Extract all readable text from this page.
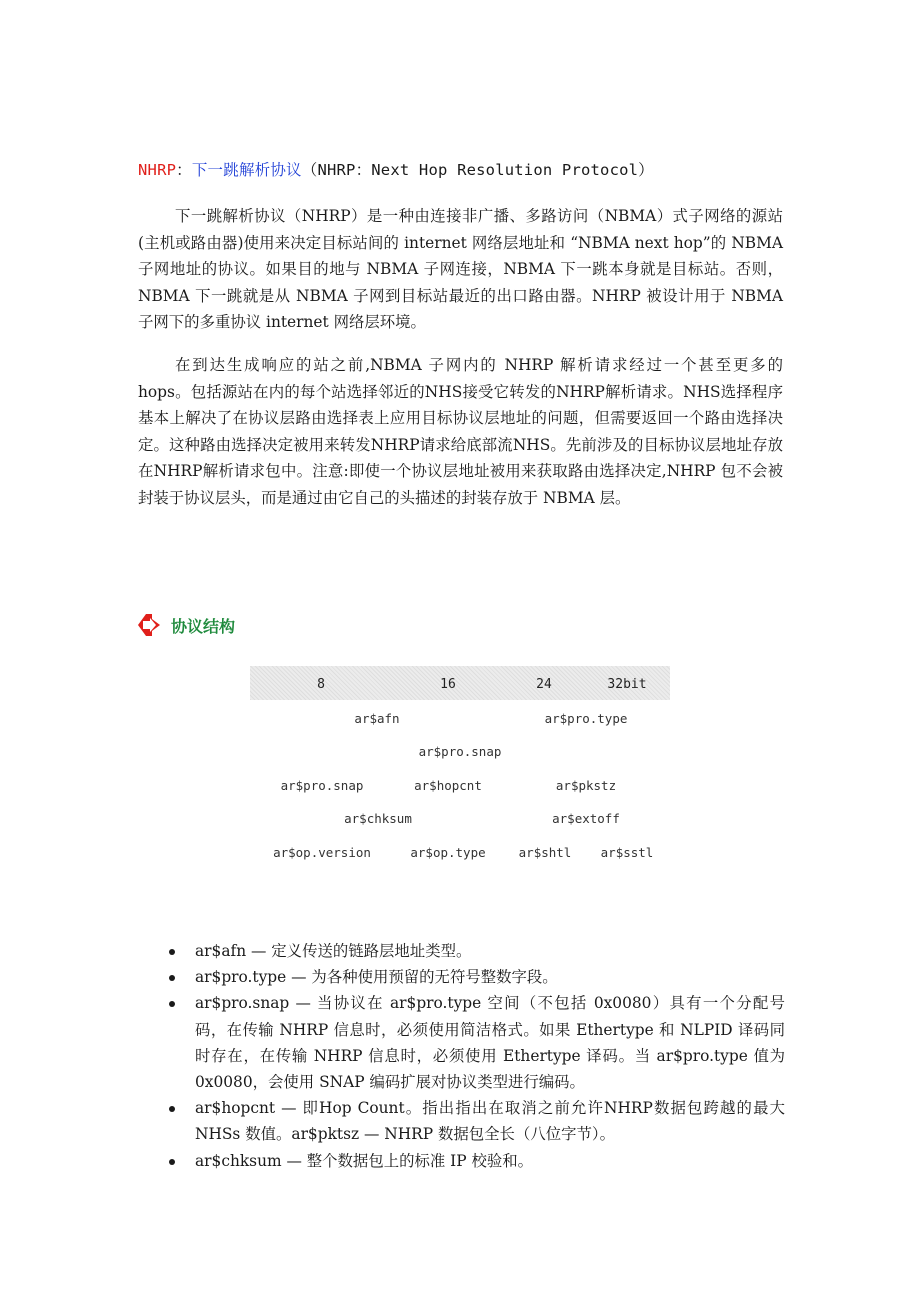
NHRP：下一跳解析协议（NHRP：Next Hop Resolution Protocol）

下一跳解析协议（NHRP）是一种由连接非广播、多路访问（NBMA）式子网络的源站(主机或路由器)使用来决定目标站间的 internet 网络层地址和 “NBMA next hop”的 NBMA 子网地址的协议。如果目的地与 NBMA 子网连接，NBMA 下一跳本身就是目标站。否则，NBMA 下一跳就是从 NBMA 子网到目标站最近的出口路由器。NHRP 被设计用于 NBMA 子网下的多重协议 internet 网络层环境。

在到达生成响应的站之前,NBMA 子网内的 NHRP 解析请求经过一个甚至更多的 hops。包括源站在内的每个站选择邻近的NHS接受它转发的NHRP解析请求。NHS选择程序基本上解决了在协议层路由选择表上应用目标协议层地址的问题，但需要返回一个路由选择决定。这种路由选择决定被用来转发NHRP请求给底部流NHS。先前涉及的目标协议层地址存放在NHRP解析请求包中。注意:即使一个协议层地址被用来获取路由选择决定,NHRP 包不会被封装于协议层头，而是通过由它自己的头描述的封装存放于 NBMA 层。

协议结构
8	16	24	32bit
ar$afn	ar$pro.type
ar$pro.snap
ar$pro.snap	ar$hopcnt	ar$pkstz
ar$chksum	ar$extoff
ar$op.version	ar$op.type	ar$shtl ar$sstl
ar$afn — 定义传送的链路层地址类型。
ar$pro.type — 为各种使用预留的无符号整数字段。
ar$pro.snap — 当协议在 ar$pro.type 空间（不包括 0x0080）具有一个分配号码，在传输 NHRP 信息时，必须使用简洁格式。如果 Ethertype 和 NLPID 译码同时存在，在传输 NHRP 信息时，必须使用 Ethertype 译码。当 ar$pro.type 值为 0x0080，会使用 SNAP 编码扩展对协议类型进行编码。
ar$hopcnt — 即Hop Count。指出指出在取消之前允许NHRP数据包跨越的最大 NHSs 数值。ar$pktsz — NHRP 数据包全长（八位字节）。
ar$chksum — 整个数据包上的标准 IP 校验和。
